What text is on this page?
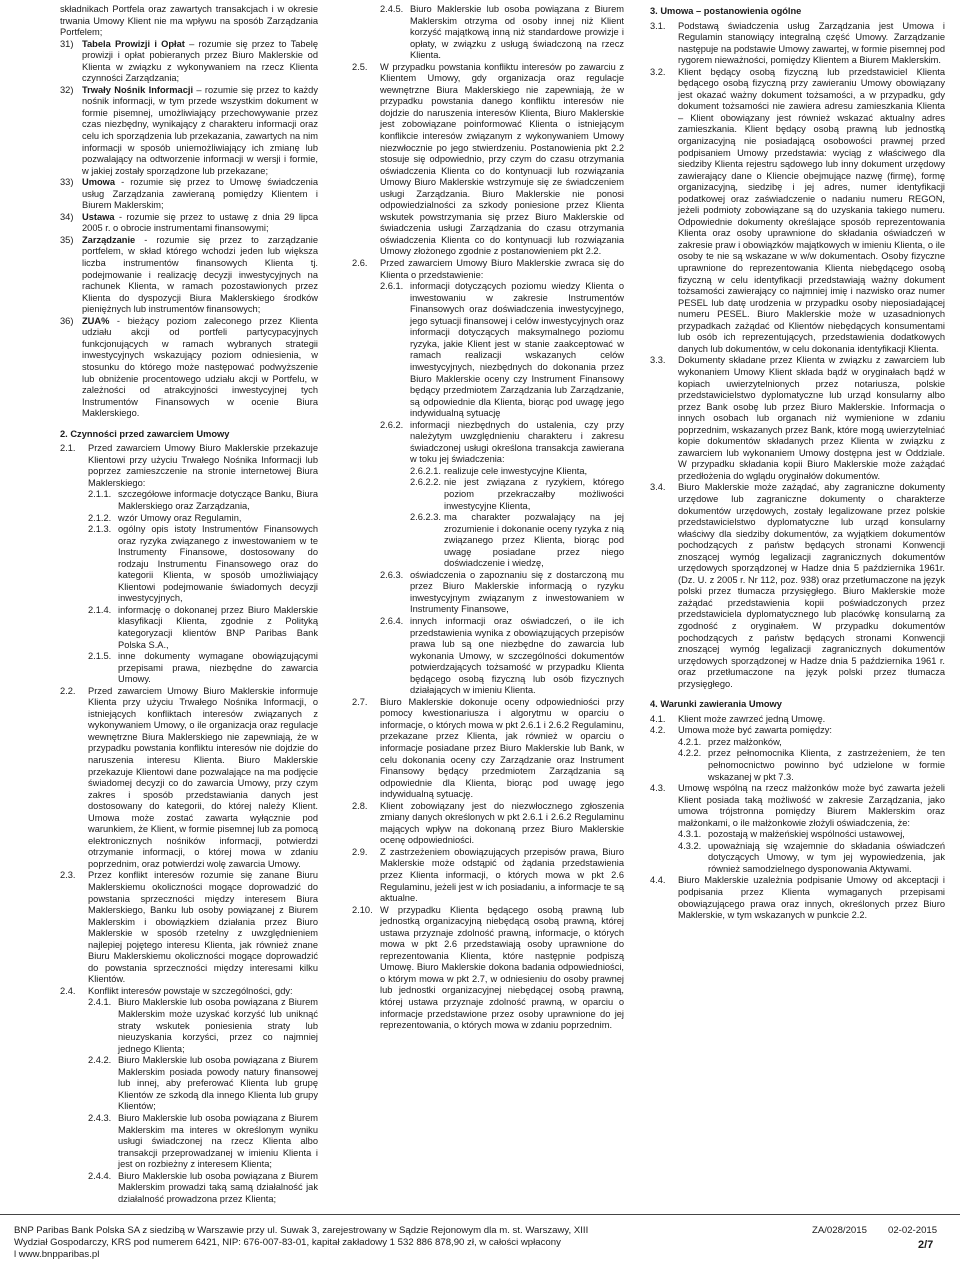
składnikach Portfela oraz zawartych transakcjach i w okresie trwania Umowy Klient nie ma wpływu na sposób Zarządzania Portfelem;
31) Tabela Prowizji i Opłat – rozumie się przez to Tabelę prowizji i opłat pobieranych przez Biuro Maklerskie od Klienta w związku z wykonywaniem na rzecz Klienta czynności Zarządzania;
32) Trwały Nośnik Informacji – rozumie się przez to każdy nośnik informacji, w tym przede wszystkim dokument w formie pisemnej, umożliwiający przechowywanie przez czas niezbędny, wynikający z charakteru informacji oraz celu ich sporządzenia lub przekazania, zawartych na nim informacji w sposób uniemożliwiający ich zmianę lub pozwalający na odtworzenie informacji w wersji i formie, w jakiej zostały sporządzone lub przekazane;
33) Umowa - rozumie się przez to Umowę świadczenia usług Zarządzania zawieraną pomiędzy Klientem i Biurem Maklerskim;
34) Ustawa - rozumie się przez to ustawę z dnia 29 lipca 2005 r. o obrocie instrumentami finansowymi;
35) Zarządzanie - rozumie się przez to zarządzanie portfelem, w skład którego wchodzi jeden lub większa liczba instrumentów finansowych Klienta tj. podejmowanie i realizację decyzji inwestycyjnych na rachunek Klienta, w ramach pozostawionych przez Klienta do dyspozycji Biura Maklerskiego środków pieniężnych lub instrumentów finansowych;
36) ZUA% - bieżący poziom zaleconego przez Klienta udziału akcji od portfeli partycypacyjnych funkcjonujących w ramach wybranych strategii inwestycyjnych wskazujący poziom odniesienia, w stosunku do którego może następować podwyższenie lub obniżenie procentowego udziału akcji w Portfelu, w zależności od atrakcyjności inwestycyjnej tych Instrumentów Finansowych w ocenie Biura Maklerskiego.
2. Czynności przed zawarciem Umowy
2.1.	Przed zawarciem Umowy Biuro Maklerskie przekazuje Klientowi przy użyciu Trwałego Nośnika Informacji lub poprzez zamieszczenie na stronie internetowej Biura Maklerskiego:
2.1.1. szczegółowe informacje dotyczące Banku, Biura Maklerskiego oraz Zarządzania,
2.1.2. wzór Umowy oraz Regulamin,
2.1.3. ogólny opis istoty Instrumentów Finansowych oraz ryzyka związanego z inwestowaniem w te Instrumenty Finansowe, dostosowany do rodzaju Instrumentu Finansowego oraz do kategorii Klienta, w sposób umożliwiający Klientowi podejmowanie świadomych decyzji inwestycyjnych,
2.1.4. informację o dokonanej przez Biuro Maklerskie klasyfikacji Klienta, zgodnie z Polityką kategoryzacji klientów BNP Paribas Bank Polska S.A.,
2.1.5. inne dokumenty wymagane obowiązującymi przepisami prawa, niezbędne do zawarcia Umowy.
2.2.	Przed zawarciem Umowy Biuro Maklerskie informuje Klienta przy użyciu Trwałego Nośnika Informacji, o istniejących konfliktach interesów związanych z wykonywaniem Umowy, o ile organizacja oraz regulacje wewnętrzne Biura Maklerskiego nie zapewniają, że w przypadku powstania konfliktu interesów nie dojdzie do naruszenia interesu Klienta. Biuro Maklerskie przekazuje Klientowi dane pozwalające na ma podjęcie świadomej decyzji co do zawarcia Umowy, przy czym zakres i sposób przedstawiania danych jest dostosowany do kategorii, do której należy Klient. Umowa może zostać zawarta wyłącznie pod warunkiem, że Klient, w formie pisemnej lub za pomocą elektronicznych nośników informacji, potwierdzi otrzymanie informacji, o której mowa w zdaniu poprzednim, oraz potwierdzi wolę zawarcia Umowy.
2.3.	Przez konflikt interesów rozumie się zanane Biuru Maklerskiemu okoliczności mogące doprowadzić do powstania sprzeczności między interesem Biura Maklerskiego, Banku lub osoby powiązanej z Biurem Maklerskim i obowiązkiem działania przez Biuro Maklerskie w sposób rzetelny z uwzględnieniem najlepiej pojętego interesu Klienta, jak również znane Biuru Maklerskiemu okoliczności mogące doprowadzić do powstania sprzeczności między interesami kilku Klientów.
2.4.	Konflikt interesów powstaje w szczególności, gdy:
2.4.1. Biuro Maklerskie lub osoba powiązana z Biurem Maklerskim może uzyskać korzyść lub uniknąć straty wskutek poniesienia straty lub nieuzyskania korzyści, przez co najmniej jednego Klienta;
2.4.2. Biuro Maklerskie lub osoba powiązana z Biurem Maklerskim posiada powody natury finansowej lub innej, aby preferować Klienta lub grupę Klientów ze szkodą dla innego Klienta lub grupy Klientów;
2.4.3. Biuro Maklerskie lub osoba powiązana z Biurem Maklerskim ma interes w określonym wyniku usługi świadczonej na rzecz Klienta albo transakcji przeprowadzanej w imieniu Klienta i jest on rozbieżny z interesem Klienta;
2.4.4. Biuro Maklerskie lub osoba powiązana z Biurem Maklerskim prowadzi taką samą działalność jak działalność prowadzona przez Klienta;
2.4.5. Biuro Maklerskie lub osoba powiązana z Biurem Maklerskim otrzyma od osoby innej niż Klient korzyść majątkową inną niż standardowe prowizje i opłaty, w związku z usługą świadczoną na rzecz Klienta.
2.5.	W przypadku powstania konfliktu interesów po zawarciu z Klientem Umowy, gdy organizacja oraz regulacje wewnętrzne Biura Maklerskiego nie zapewniają, że w przypadku powstania danego konfliktu interesów nie dojdzie do naruszenia interesów Klienta, Biuro Maklerskie jest zobowiązane poinformować Klienta o istniejącym konflikcie interesów związanym z wykonywaniem Umowy niezwłocznie po jego stwierdzeniu. Postanowienia pkt 2.2 stosuje się odpowiednio, przy czym do czasu otrzymania oświadczenia Klienta co do kontynuacji lub rozwiązania Umowy Biuro Maklerskie wstrzymuje się ze świadczeniem usługi Zarządzania. Biuro Maklerskie nie ponosi odpowiedzialności za szkody poniesione przez Klienta wskutek powstrzymania się przez Biuro Maklerskie od świadczenia usługi Zarządzania do czasu otrzymania oświadczenia Klienta co do kontynuacji lub rozwiązania Umowy złożonego zgodnie z postanowieniem pkt 2.2.
2.6.	Przed zawarciem Umowy Biuro Maklerskie zwraca się do Klienta o przedstawienie:
2.6.1. informacji dotyczących poziomu wiedzy Klienta o inwestowaniu w zakresie Instrumentów Finansowych oraz doświadczenia inwestycyjnego, jego sytuacji finansowej i celów inwestycyjnych oraz informacji dotyczących maksymalnego poziomu ryzyka, jakie Klient jest w stanie zaakceptować w ramach realizacji wskazanych celów inwestycyjnych, niezbędnych do dokonania przez Biuro Maklerskie oceny czy Instrument Finansowy będący przedmiotem Zarządzania lub Zarządzanie, są odpowiednie dla Klienta, biorąc pod uwagę jego indywidualną sytuację
2.6.2. informacji niezbędnych do ustalenia, czy przy należytym uwzględnieniu charakteru i zakresu świadczonej usługi określona transakcja zawierana w toku jej świadczenia:
2.6.2.1. realizuje cele inwestycyjne Klienta,
2.6.2.2. nie jest związana z ryzykiem, którego poziom przekraczałby możliwości inwestycyjne Klienta,
2.6.2.3. ma charakter pozwalający na jej zrozumienie i dokonanie oceny ryzyka z nią związanego przez Klienta, biorąc pod uwagę posiadane przez niego doświadczenie i wiedzę,
2.6.3. oświadczenia o zapoznaniu się z dostarczoną mu przez Biuro Maklerskie informacją o ryzyku inwestycyjnym związanym z inwestowaniem w Instrumenty Finansowe,
2.6.4. innych informacji oraz oświadczeń, o ile ich przedstawienia wynika z obowiązujących przepisów prawa lub są one niezbędne do zawarcia lub wykonania Umowy, w szczególności dokumentów potwierdzających tożsamość w przypadku Klienta będącego osobą fizyczną lub osób fizycznych działających w imieniu Klienta.
2.7.	Biuro Maklerskie dokonuje oceny odpowiedniości przy pomocy kwestionariusza i algorytmu w oparciu o informacje, o których mowa w pkt 2.6.1 i 2.6.2 Regulaminu, przekazane przez Klienta, jak również w oparciu o informacje posiadane przez Biuro Maklerskie lub Bank, w celu dokonania oceny czy Zarządzanie oraz Instrument Finansowy będący przedmiotem Zarządzania są odpowiednie dla Klienta, biorąc pod uwagę jego indywidualną sytuację.
2.8.	Klient zobowiązany jest do niezwłocznego zgłoszenia zmiany danych określonych w pkt 2.6.1 i 2.6.2 Regulaminu mających wpływ na dokonaną przez Biuro Maklerskie ocenę odpowiedniości.
2.9.	Z zastrzeżeniem obowiązujących przepisów prawa, Biuro Maklerskie może odstąpić od żądania przedstawienia przez Klienta informacji, o których mowa w pkt 2.6 Regulaminu, jeżeli jest w ich posiadaniu, a informacje te są aktualne.
2.10. W przypadku Klienta będącego osobą prawną lub jednostką organizacyjną niebędącą osobą prawną, której ustawa przyznaje zdolność prawną, informacje, o których mowa w pkt 2.6 przedstawiają osoby uprawnione do reprezentowania Klienta, które następnie podpiszą Umowę. Biuro Maklerskie dokona badania odpowiedniości, o którym mowa w pkt 2.7, w odniesieniu do osoby prawnej lub jednostki organizacyjnej niebędącej osobą prawną, której ustawa przyznaje zdolność prawną, w oparciu o informacje przedstawione przez osoby uprawnione do jej reprezentowania, o których mowa w zdaniu poprzednim.
3. Umowa – postanowienia ogólne
3.1.	Podstawą świadczenia usług Zarządzania jest Umowa i Regulamin stanowiący integralną część Umowy. Zarządzanie następuje na podstawie Umowy zawartej, w formie pisemnej pod rygorem nieważności, pomiędzy Klientem a Biurem Maklerskim.
3.2.	Klient będący osobą fizyczną lub przedstawiciel Klienta będącego osobą fizyczną przy zawieraniu Umowy obowiązany jest okazać ważny dokument tożsamości, a w przypadku, gdy dokument tożsamości nie zawiera adresu zamieszkania Klienta – Klient obowiązany jest również wskazać aktualny adres zamieszkania. Klient będący osobą prawną lub jednostką organizacyjną nie posiadającą osobowości prawnej przed podpisaniem Umowy przedstawia: wyciąg z właściwego dla siedziby Klienta rejestru sądowego lub inny dokument urzędowy zawierający dane o Kliencie obejmujące nazwę (firmę), formę organizacyjną, siedzibę i jej adres, numer identyfikacji podatkowej oraz zaświadczenie o nadaniu numeru REGON, jeżeli podmioty zobowiązane są do uzyskania takiego numeru. Odpowiednie dokumenty określające sposób reprezentowania Klienta oraz osoby uprawnione do składania oświadczeń w zakresie praw i obowiązków majątkowych w imieniu Klienta, o ile osoby te nie są wskazane w w/w dokumentach. Osoby fizyczne uprawnione do reprezentowania Klienta niebędącego osobą fizyczną w celu identyfikacji przedstawiają ważny dokument tożsamości zawierający co najmniej imię i nazwisko oraz numer PESEL lub datę urodzenia w przypadku osoby nieposiadającej numeru PESEL. Biuro Maklerskie może w uzasadnionych przypadkach zażądać od Klientów niebędących konsumentami lub osób ich reprezentujących, przedstawienia dodatkowych danych lub dokumentów, w celu dokonania identyfikacji Klienta.
3.3.	Dokumenty składane przez Klienta w związku z zawarciem lub wykonaniem Umowy Klient składa bądź w oryginałach bądź w kopiach uwierzytelnionych przez notariusza, polskie przedstawicielstwo dyplomatyczne lub urząd konsularny albo przez Bank osobę lub przez Biuro Maklerskie. Informacja o innych osobach lub organach niż wymienione w zdaniu poprzednim, wskazanych przez Bank, które mogą uwierzytelniać kopie dokumentów składanych przez Klienta w związku z zawarciem lub wykonaniem Umowy dostępna jest w Oddziale. W przypadku składania kopii Biuro Maklerskie może zażądać przedłożenia do wglądu oryginałów dokumentów.
3.4.	Biuro Maklerskie może zażądać, aby zagraniczne dokumenty urzędowe lub zagraniczne dokumenty o charakterze dokumentów urzędowych, zostały legalizowane przez polskie przedstawicielstwo dyplomatyczne lub urząd konsularny właściwy dla siedziby dokumentów, za wyjątkiem dokumentów pochodzących z państw będących stronami Konwencji znoszącej wymóg legalizacji zagranicznych dokumentów urzędowych sporządzonej w Hadze dnia 5 października 1961r. (Dz. U. z 2005 r. Nr 112, poz. 938) oraz przetłumaczone na język polski przez tłumacza przysięgłego. Biuro Maklerskie może zażądać przedstawienia kopii poświadczonych przez przedstawiciela dyplomatycznego lub placówkę konsularną za zgodność z oryginałem. W przypadku dokumentów pochodzących z państw będących stronami Konwencji znoszącej wymóg legalizacji zagranicznych dokumentów urzędowych sporządzonej w Hadze dnia 5 października 1961 r. oraz przetłumaczone na język polski przez tłumacza przysięgłego.
4. Warunki zawierania Umowy
4.1.	Klient może zawrzeć jedną Umowę.
4.2.	Umowa może być zawarta pomiędzy:
4.2.1. przez małżonków,
4.2.2. przez pełnomocnika Klienta, z zastrzeżeniem, że ten pełnomocnictwo powinno być udzielone w formie wskazanej w pkt 7.3.
4.3.	Umowę wspólną na rzecz małżonków może być zawarta jeżeli Klient posiada taką możliwość w zakresie Zarządzania, jako umowa trójstronna pomiędzy Biurem Maklerskim oraz małżonkami, o ile małżonkowie złożyli oświadczenia, że:
4.3.1. pozostają w małżeńskiej wspólności ustawowej,
4.3.2. upoważniają się wzajemnie do składania oświadczeń dotyczących Umowy, w tym jej wypowiedzenia, jak również samodzielnego dysponowania Aktywami.
4.4.	Biuro Maklerskie uzależnia podpisanie Umowy od akceptacji i podpisania przez Klienta wymaganych przepisami obowiązującego prawa oraz innych, określonych przez Biuro Maklerskie, w tym wskazanych w punkcie 2.2.
BNP Paribas Bank Polska SA z siedzibą w Warszawie przy ul. Suwak 3, zarejestrowany w Sądzie Rejonowym dla m. st. Warszawy, XIII
Wydział Gospodarczy, KRS pod numerem 6421, NIP: 676-007-83-01, kapitał zakładowy 1 532 886 878,90 zł, w całości wpłacony
l www.bnpparibas.pl
ZA/028/2015 02-02-2015
2/7
